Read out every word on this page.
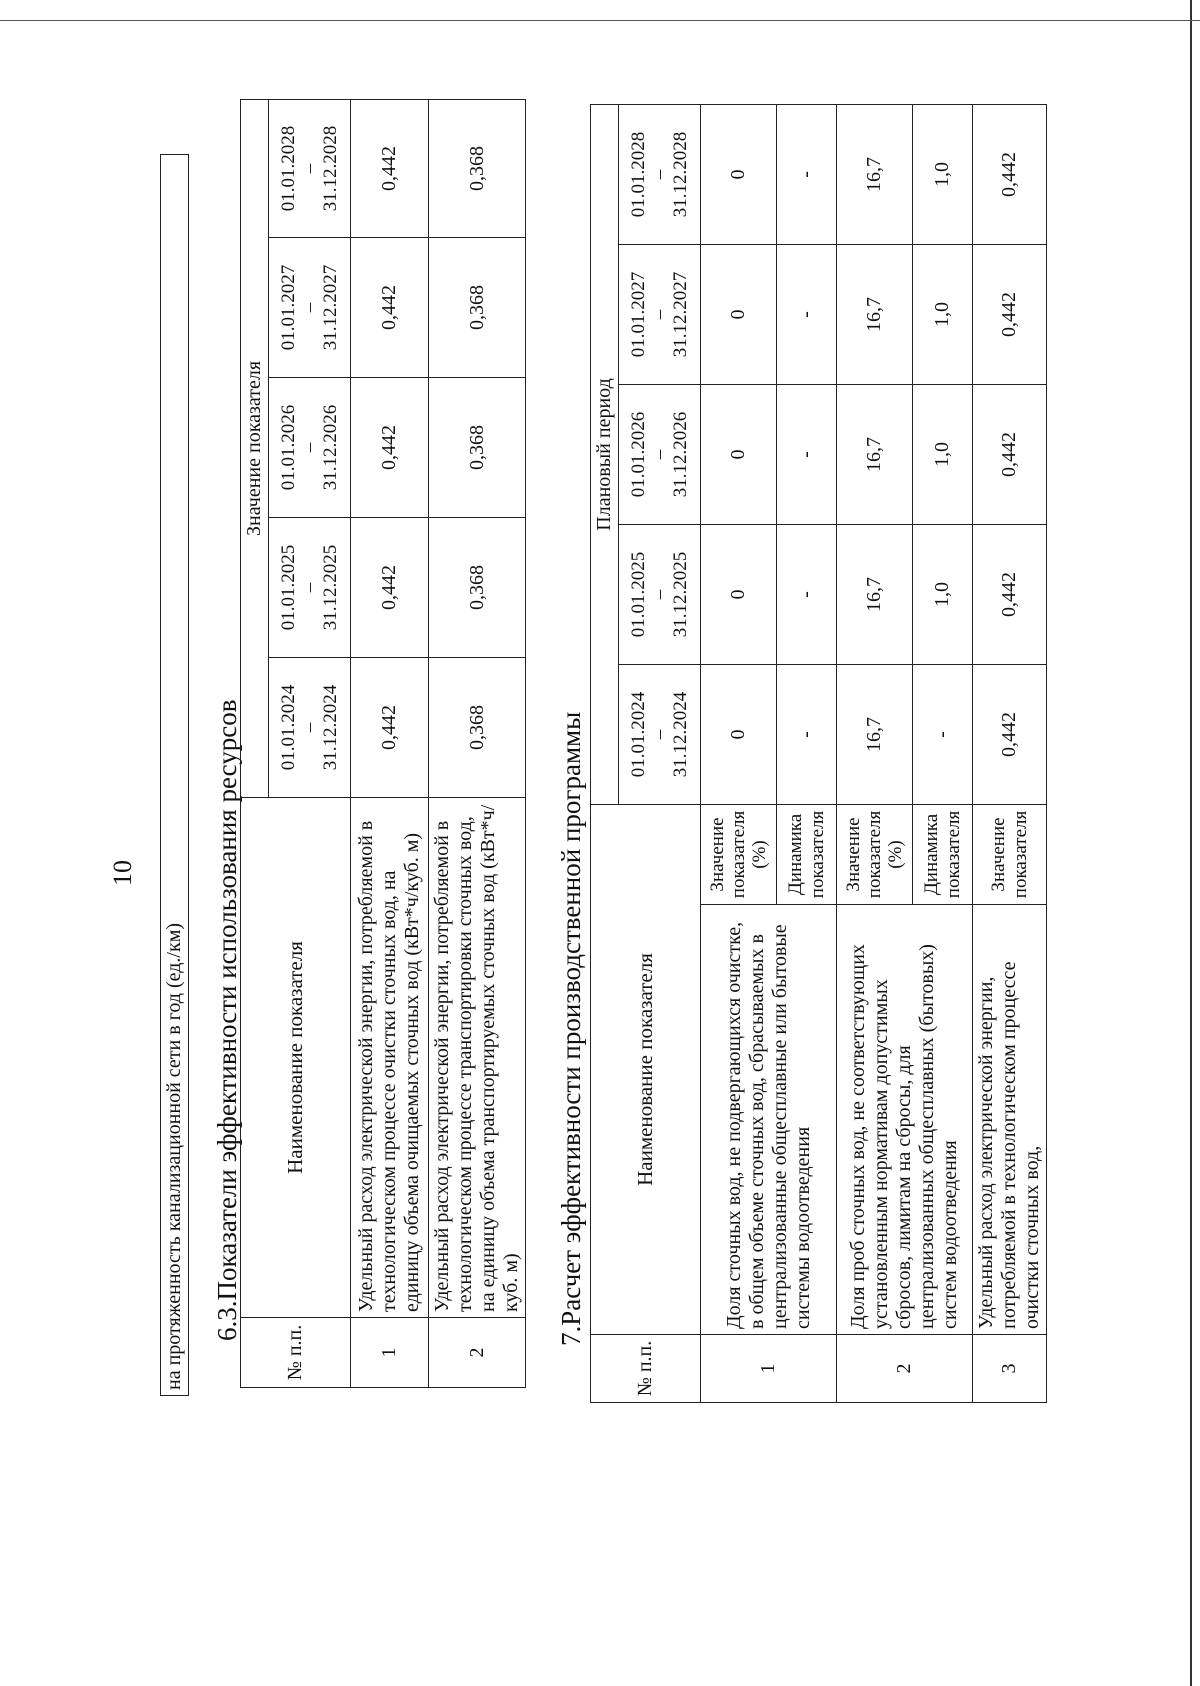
10
на протяженность канализационной сети в год (ед./км) 6.3.Показатели эффективности использования ресурсов
№ п.п.	Наименование показателя	Значение показателя				

		01.01.2024 – 31.12.2024	01.01.2025 – 31.12.2025	01.01.2026 – 31.12.2026	01.01.2027 – 31.12.2027	01.01.2028 – 31.12.2028

1	Удельный расход электрической энергии, потребляемой в технологическом процессе очистки сточных вод, на единицу объема очищаемых сточных вод (кВт*ч/куб. м)	0,442	0,442	0,442	0,442	0,442
2	Удельный расход электрической энергии, потребляемой в технологическом процессе транспортировки сточных вод, на единицу объема транспортируемых сточных вод (кВт*ч/куб. м)	0,368	0,368	0,368	0,368	0,368
7.Расчет эффективности производственной программы
№ п.п.	Наименование показателя		Плановый период				

			01.01.2024 – 31.12.2024	01.01.2025 – 31.12.2025	01.01.2026 – 31.12.2026	01.01.2027 – 31.12.2027	01.01.2028 – 31.12.2028

1	Доля сточных вод, не подвергающихся очистке, в общем объеме сточных вод, сбрасываемых в централизованные общесплавные или бытовые системы водоотведения	Значение показателя (%)	0	0	0	0	0
		Динамика показателя	-	-	-	-	-
2	Доля проб сточных вод, не соответствующих установленным нормативам допустимых сбросов, лимитам на сбросы, для централизованных общесплавных (бытовых) систем водоотведения	Значение показателя (%)	16,7	16,7	16,7	16,7	16,7
		Динамика показателя	-	1,0	1,0	1,0	1,0
3	Удельный расход электрической энергии, потребляемой в технологическом процессе очистки сточных вод,	Значение показателя	0,442	0,442	0,442	0,442	0,442
